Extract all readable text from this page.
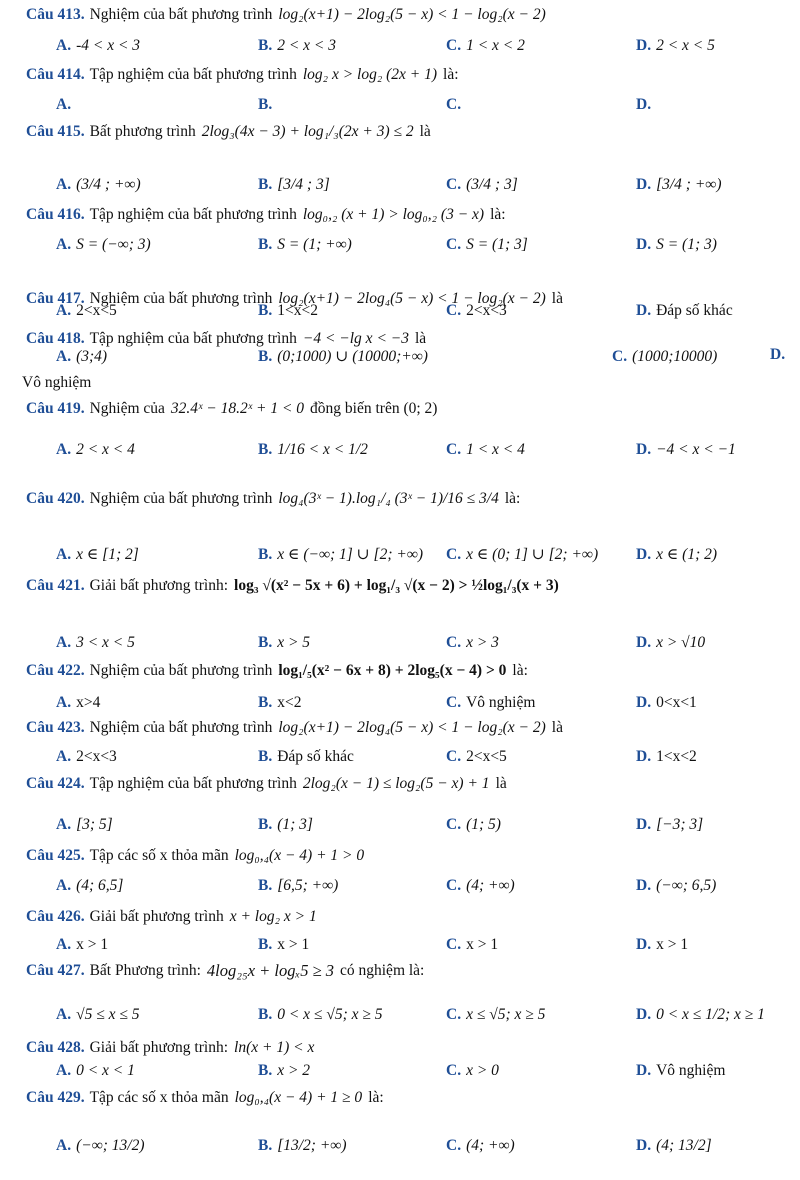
Câu 413. Nghiệm của bất phương trình log₂(x+1) − 2log₂(5 − x) < 1 − log₂(x − 2)
A. -4 < x < 3	B. 2 < x < 3	C. 1 < x < 2	D. 2 < x < 5
Câu 414. Tập nghiệm của bất phương trình log₂ x > log₂ (2x + 1) là:
A.	B.	C.	D.
Câu 415. Bất phương trình 2log₃(4x − 3) + log₁/₃(2x + 3) ≤ 2 là
A. (3/4 ; +∞)	B. [3/4 ; 3]	C. (3/4 ; 3]	D. [3/4 ; +∞)
Câu 416. Tập nghiệm của bất phương trình log₀,₂ (x + 1) > log₀,₂ (3 − x) là:
A. S = (−∞; 3)	B. S = (1; +∞)	C. S = (1; 3]	D. S = (1; 3)
Câu 417. Nghiệm của bất phương trình log₂(x+1) − 2log₄(5 − x) < 1 − log₂(x − 2) là
A. 2<x<5	B. 1<x<2	C. 2<x<3	D. Đáp số khác
Câu 418. Tập nghiệm của bất phương trình −4 < −lg x < −3 là
A. (3;4)	B. (0;1000) ∪ (10000;+∞)	C. (1000;10000)	D.
Vô nghiệm
Câu 419. Nghiệm của 32.4ˣ − 18.2ˣ + 1 < 0 đồng biến trên (0; 2)
A. 2 < x < 4	B. 1/16 < x < 1/2	C. 1 < x < 4	D. −4 < x < −1
Câu 420. Nghiệm của bất phương trình log₄(3ˣ − 1).log₁/₄ (3ˣ − 1)/16 ≤ 3/4 là:
A. x ∈ [1; 2]	B. x ∈ (−∞; 1] ∪ [2; +∞) C. x ∈ (0; 1] ∪ [2; +∞) D. x ∈ (1; 2)
Câu 421. Giải bất phương trình: log₃ √(x² − 5x + 6) + log₁/₃ √(x − 2) > ½log₁/₃(x + 3)
A. 3 < x < 5	B. x > 5	C. x > 3	D. x > √10
Câu 422. Nghiệm của bất phương trình log₁/₅(x² − 6x + 8) + 2log₅(x − 4) > 0 là:
A. x>4	B. x<2	C. Vô nghiệm	D. 0<x<1
Câu 423. Nghiệm của bất phương trình log₂(x+1) − 2log₄(5 − x) < 1 − log₂(x − 2) là
A. 2<x<3	B. Đáp số khác	C. 2<x<5	D. 1<x<2
Câu 424. Tập nghiệm của bất phương trình 2log₂(x − 1) ≤ log₂(5 − x) + 1 là
A. [3; 5]	B. (1; 3]	C. (1; 5)	D. [−3; 3]
Câu 425. Tập các số x thỏa mãn log₀,₄(x − 4) + 1 > 0
A. (4; 6,5]	B. [6,5; +∞)	C. (4; +∞)	D. (−∞; 6,5)
Câu 426. Giải bất phương trình x + log₂ x > 1
A. x > 1	B. x > 1	C. x > 1	D. x > 1
Câu 427. Bất Phương trình: 4log₂₅x + logₓ5 ≥ 3 có nghiệm là:
A. √5 ≤ x ≤ 5	B. 0 < x ≤ √5; x ≥ 5	C. x ≤ √5; x ≥ 5	D. 0 < x ≤ 1/2; x ≥ 1
Câu 428. Giải bất phương trình: ln(x + 1) < x
A. 0 < x < 1	B. x > 2	C. x > 0	D. Vô nghiệm
Câu 429. Tập các số x thỏa mãn log₀,₄(x − 4) + 1 ≥ 0 là:
A. (−∞; 13/2)	B. [13/2; +∞)	C. (4; +∞)	D. (4; 13/2]
